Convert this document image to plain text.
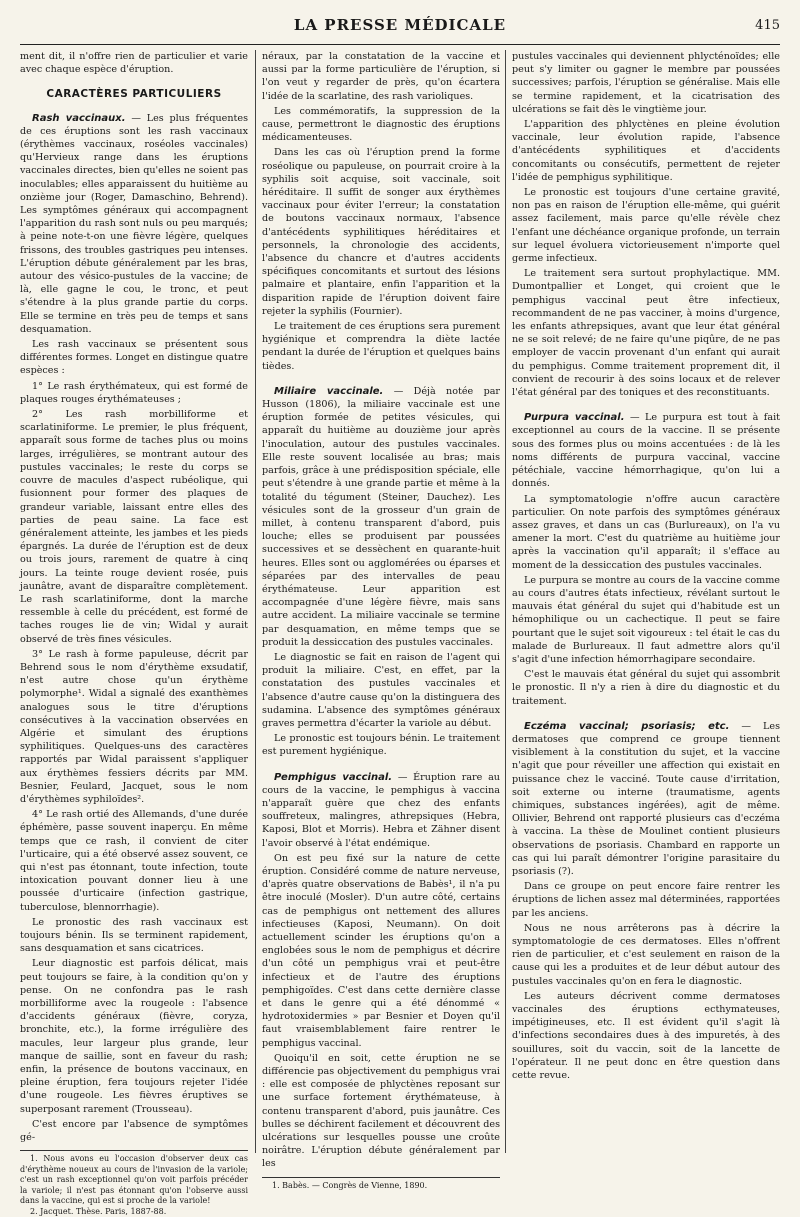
LA PRESSE MÉDICALE	415

ment dit, il n'offre rien de particulier et varie avec chaque espèce d'éruption.

CARACTÈRES PARTICULIERS

Rash vaccinaux. — Les plus fréquentes de ces éruptions sont les rash vaccinaux (érythèmes vaccinaux, roséoles vaccinales) qu'Hervieux range dans les éruptions vaccinales directes, bien qu'elles ne soient pas inoculables; elles apparaissent du huitième au onzième jour (Roger, Damaschino, Behrend). Les symptômes généraux qui accompagnent l'apparition du rash sont nuls ou peu marqués; à peine note-t-on une fièvre légère, quelques frissons, des troubles gastriques peu intenses. L'éruption débute généralement par les bras, autour des vésico-pustules de la vaccine; de là, elle gagne le cou, le tronc, et peut s'étendre à la plus grande partie du corps. Elle se termine en très peu de temps et sans desquamation.

Les rash vaccinaux se présentent sous différentes formes. Longet en distingue quatre espèces :

1° Le rash érythémateux, qui est formé de plaques rouges érythémateuses ;

2° Les rash morbilliforme et scarlatiniforme. Le premier, le plus fréquent, apparaît sous forme de taches plus ou moins larges, irrégulières, se montrant autour des pustules vaccinales; le reste du corps se couvre de macules d'aspect rubéolique, qui fusionnent pour former des plaques de grandeur variable, laissant entre elles des parties de peau saine. La face est généralement atteinte, les jambes et les pieds épargnés. La durée de l'éruption est de deux ou trois jours, rarement de quatre à cinq jours. La teinte rouge devient rosée, puis jaunâtre, avant de disparaître complètement. Le rash scarlatiniforme, dont la marche ressemble à celle du précédent, est formé de taches rouges lie de vin; Widal y aurait observé de très fines vésicules.

3° Le rash à forme papuleuse, décrit par Behrend sous le nom d'érythème exsudatif, n'est autre chose qu'un érythème polymorphe¹. Widal a signalé des exanthèmes analogues sous le titre d'éruptions consécutives à la vaccination observées en Algérie et simulant des éruptions syphilitiques. Quelques-uns des caractères rapportés par Widal paraissent s'appliquer aux érythèmes fessiers décrits par MM. Besnier, Feulard, Jacquet, sous le nom d'érythèmes syphiloïdes².

4° Le rash ortié des Allemands, d'une durée éphémère, passe souvent inaperçu. En même temps que ce rash, il convient de citer l'urticaire, qui a été observé assez souvent, ce qui n'est pas étonnant, toute infection, toute intoxication pouvant donner lieu à une poussée d'urticaire (infection gastrique, tuberculose, blennorrhagie).

Le pronostic des rash vaccinaux est toujours bénin. Ils se terminent rapidement, sans desquamation et sans cicatrices.

Leur diagnostic est parfois délicat, mais peut toujours se faire, à la condition qu'on y pense. On ne confondra pas le rash morbilliforme avec la rougeole : l'absence d'accidents généraux (fièvre, coryza, bronchite, etc.), la forme irrégulière des macules, leur largeur plus grande, leur manque de saillie, sont en faveur du rash; enfin, la présence de boutons vaccinaux, en pleine éruption, fera toujours rejeter l'idée d'une rougeole. Les fièvres éruptives se superposant rarement (Trousseau).

C'est encore par l'absence de symptômes gé-

1. Nous avons eu l'occasion d'observer deux cas d'érythème noueux au cours de l'invasion de la variole; c'est un rash exceptionnel qu'on voit parfois précéder la variole; il n'est pas étonnant qu'on l'observe aussi dans la vaccine, qui est si proche de la variole!

2. Jacquet. Thèse. Paris, 1887-88.

néraux, par la constatation de la vaccine et aussi par la forme particulière de l'éruption, si l'on veut y regarder de près, qu'on écartera l'idée de la scarlatine, des rash varioliques.

Les commémoratifs, la suppression de la cause, permettront le diagnostic des éruptions médicamenteuses.

Dans les cas où l'éruption prend la forme roséolique ou papuleuse, on pourrait croire à la syphilis soit acquise, soit vaccinale, soit héréditaire. Il suffit de songer aux érythèmes vaccinaux pour éviter l'erreur; la constatation de boutons vaccinaux normaux, l'absence d'antécédents syphilitiques héréditaires et personnels, la chronologie des accidents, l'absence du chancre et d'autres accidents spécifiques concomitants et surtout des lésions palmaire et plantaire, enfin l'apparition et la disparition rapide de l'éruption doivent faire rejeter la syphilis (Fournier).

Le traitement de ces éruptions sera purement hygiénique et comprendra la diète lactée pendant la durée de l'éruption et quelques bains tièdes.

Miliaire vaccinale. — Déjà notée par Husson (1806), la miliaire vaccinale est une éruption formée de petites vésicules, qui apparaît du huitième au douzième jour après l'inoculation, autour des pustules vaccinales. Elle reste souvent localisée au bras; mais parfois, grâce à une prédisposition spéciale, elle peut s'étendre à une grande partie et même à la totalité du tégument (Steiner, Dauchez). Les vésicules sont de la grosseur d'un grain de millet, à contenu transparent d'abord, puis louche; elles se produisent par poussées successives et se dessèchent en quarante-huit heures. Elles sont ou agglomérées ou éparses et séparées par des intervalles de peau érythémateuse. Leur apparition est accompagnée d'une légère fièvre, mais sans autre accident. La miliaire vaccinale se termine par desquamation, en même temps que se produit la dessiccation des pustules vaccinales.

Le diagnostic se fait en raison de l'agent qui produit la miliaire. C'est, en effet, par la constatation des pustules vaccinales et l'absence d'autre cause qu'on la distinguera des sudamina. L'absence des symptômes généraux graves permettra d'écarter la variole au début.

Le pronostic est toujours bénin. Le traitement est purement hygiénique.

Pemphigus vaccinal. — Éruption rare au cours de la vaccine, le pemphigus à vaccina n'apparaît guère que chez des enfants souffreteux, malingres, athrepsiques (Hebra, Kaposi, Blot et Morris). Hebra et Zähner disent l'avoir observé à l'état endémique.

On est peu fixé sur la nature de cette éruption. Considéré comme de nature nerveuse, d'après quatre observations de Babès¹, il n'a pu être inoculé (Mosler). D'un autre côté, certains cas de pemphigus ont nettement des allures infectieuses (Kaposi, Neumann). On doit actuellement scinder les éruptions qu'on a englobées sous le nom de pemphigus et décrire d'un côté un pemphigus vrai et peut-être infectieux et de l'autre des éruptions pemphigoïdes. C'est dans cette dernière classe et dans le genre qui a été dénommé « hydrotoxidermies » par Besnier et Doyen qu'il faut vraisemblablement faire rentrer le pemphigus vaccinal.

Quoiqu'il en soit, cette éruption ne se différencie pas objectivement du pemphigus vrai : elle est composée de phlyctènes reposant sur une surface fortement érythémateuse, à contenu transparent d'abord, puis jaunâtre. Ces bulles se déchirent facilement et découvrent des ulcérations sur lesquelles pousse une croûte noirâtre. L'éruption débute généralement par les

1. Babès. — Congrès de Vienne, 1890.

pustules vaccinales qui deviennent phlycténoïdes; elle peut s'y limiter ou gagner le membre par poussées successives; parfois, l'éruption se généralise. Mais elle se termine rapidement, et la cicatrisation des ulcérations se fait dès le vingtième jour.

L'apparition des phlyctènes en pleine évolution vaccinale, leur évolution rapide, l'absence d'antécédents syphilitiques et d'accidents concomitants ou consécutifs, permettent de rejeter l'idée de pemphigus syphilitique.

Le pronostic est toujours d'une certaine gravité, non pas en raison de l'éruption elle-même, qui guérit assez facilement, mais parce qu'elle révèle chez l'enfant une déchéance organique profonde, un terrain sur lequel évoluera victorieusement n'importe quel germe infectieux.

Le traitement sera surtout prophylactique. MM. Dumontpallier et Longet, qui croient que le pemphigus vaccinal peut être infectieux, recommandent de ne pas vacciner, à moins d'urgence, les enfants athrepsiques, avant que leur état général ne se soit relevé; de ne faire qu'une piqûre, de ne pas employer de vaccin provenant d'un enfant qui aurait du pemphigus. Comme traitement proprement dit, il convient de recourir à des soins locaux et de relever l'état général par des toniques et des reconstituants.

Purpura vaccinal. — Le purpura est tout à fait exceptionnel au cours de la vaccine. Il se présente sous des formes plus ou moins accentuées : de là les noms différents de purpura vaccinal, vaccine pétéchiale, vaccine hémorrhagique, qu'on lui a donnés.

La symptomatologie n'offre aucun caractère particulier. On note parfois des symptômes généraux assez graves, et dans un cas (Burlureaux), on l'a vu amener la mort. C'est du quatrième au huitième jour après la vaccination qu'il apparaît; il s'efface au moment de la dessiccation des pustules vaccinales.

Le purpura se montre au cours de la vaccine comme au cours d'autres états infectieux, révélant surtout le mauvais état général du sujet qui d'habitude est un hémophilique ou un cachectique. Il peut se faire pourtant que le sujet soit vigoureux : tel était le cas du malade de Burlureaux. Il faut admettre alors qu'il s'agit d'une infection hémorrhagipare secondaire.

C'est le mauvais état général du sujet qui assombrit le pronostic. Il n'y a rien à dire du diagnostic et du traitement.

Eczéma vaccinal; psoriasis; etc. — Les dermatoses que comprend ce groupe tiennent visiblement à la constitution du sujet, et la vaccine n'agit que pour réveiller une affection qui existait en puissance chez le vacciné. Toute cause d'irritation, soit externe ou interne (traumatisme, agents chimiques, substances ingérées), agit de même. Ollivier, Behrend ont rapporté plusieurs cas d'eczéma à vaccina. La thèse de Moulinet contient plusieurs observations de psoriasis. Chambard en rapporte un cas qui lui paraît démontrer l'origine parasitaire du psoriasis (?).

Dans ce groupe on peut encore faire rentrer les éruptions de lichen assez mal déterminées, rapportées par les anciens.

Nous ne nous arrêterons pas à décrire la symptomatologie de ces dermatoses. Elles n'offrent rien de particulier, et c'est seulement en raison de la cause qui les a produites et de leur début autour des pustules vaccinales qu'on en fera le diagnostic.

Les auteurs décrivent comme dermatoses vaccinales des éruptions ecthymateuses, impétigineuses, etc. Il est évident qu'il s'agit là d'infections secondaires dues à des impuretés, à des souillures, soit du vaccin, soit de la lancette de l'opérateur. Il ne peut donc en être question dans cette revue.
